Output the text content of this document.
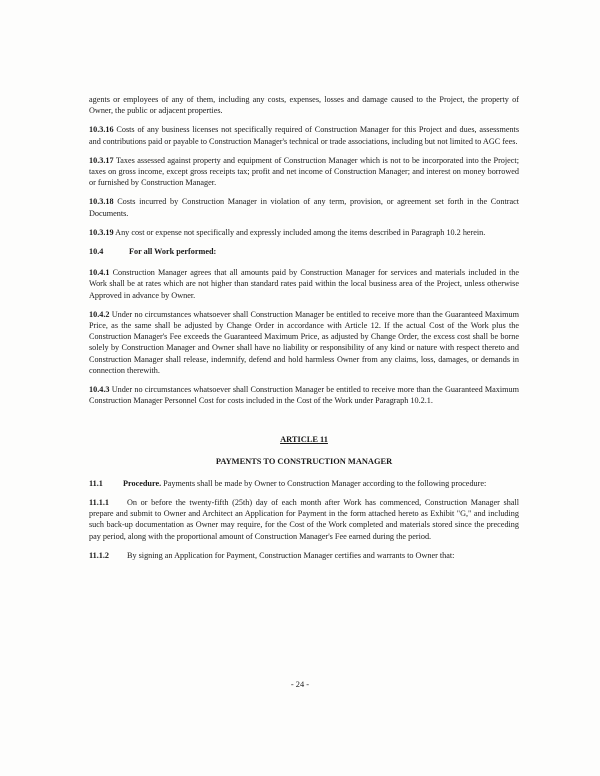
agents or employees of any of them, including any costs, expenses, losses and damage caused to the Project, the property of Owner, the public or adjacent properties.

10.3.16 Costs of any business licenses not specifically required of Construction Manager for this Project and dues, assessments and contributions paid or payable to Construction Manager's technical or trade associations, including but not limited to AGC fees.

10.3.17 Taxes assessed against property and equipment of Construction Manager which is not to be incorporated into the Project; taxes on gross income, except gross receipts tax; profit and net income of Construction Manager; and interest on money borrowed or furnished by Construction Manager.

10.3.18 Costs incurred by Construction Manager in violation of any term, provision, or agreement set forth in the Contract Documents.

10.3.19 Any cost or expense not specifically and expressly included among the items described in Paragraph 10.2 herein.

10.4	For all Work performed:

10.4.1 Construction Manager agrees that all amounts paid by Construction Manager for services and materials included in the Work shall be at rates which are not higher than standard rates paid within the local business area of the Project, unless otherwise Approved in advance by Owner.

10.4.2 Under no circumstances whatsoever shall Construction Manager be entitled to receive more than the Guaranteed Maximum Price, as the same shall be adjusted by Change Order in accordance with Article 12. If the actual Cost of the Work plus the Construction Manager's Fee exceeds the Guaranteed Maximum Price, as adjusted by Change Order, the excess cost shall be borne solely by Construction Manager and Owner shall have no liability or responsibility of any kind or nature with respect thereto and Construction Manager shall release, indemnify, defend and hold harmless Owner from any claims, loss, damages, or demands in connection therewith.

10.4.3 Under no circumstances whatsoever shall Construction Manager be entitled to receive more than the Guaranteed Maximum Construction Manager Personnel Cost for costs included in the Cost of the Work under Paragraph 10.2.1.

ARTICLE 11
PAYMENTS TO CONSTRUCTION MANAGER

11.1 Procedure. Payments shall be made by Owner to Construction Manager according to the following procedure:

11.1.1 On or before the twenty-fifth (25th) day of each month after Work has commenced, Construction Manager shall prepare and submit to Owner and Architect an Application for Payment in the form attached hereto as Exhibit "G," and including such back-up documentation as Owner may require, for the Cost of the Work completed and materials stored since the preceding pay period, along with the proportional amount of Construction Manager's Fee earned during the period.

11.1.2 By signing an Application for Payment, Construction Manager certifies and warrants to Owner that:

- 24 -
